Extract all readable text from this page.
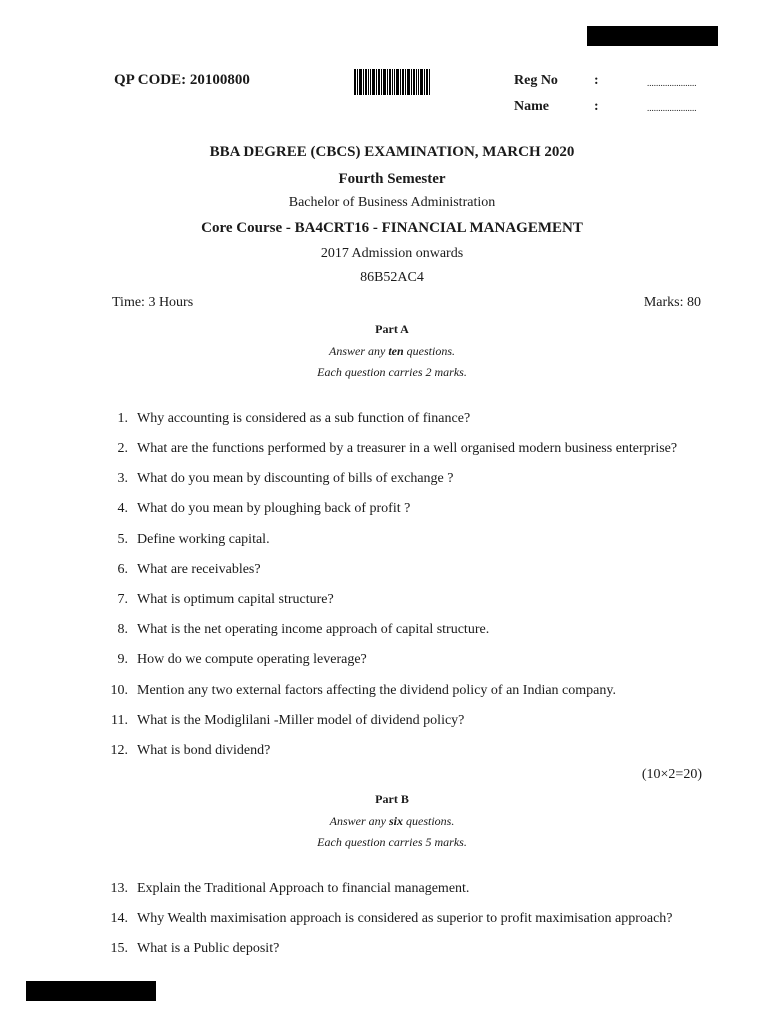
QP CODE: 20100800	Reg No	:	......................
Name	:	......................
BBA DEGREE (CBCS) EXAMINATION, MARCH 2020
Fourth Semester
Bachelor of Business Administration
Core Course - BA4CRT16 - FINANCIAL MANAGEMENT
2017 Admission onwards
86B52AC4
Time: 3 Hours	Marks: 80
Part A
Answer any ten questions.
Each question carries 2 marks.
1. Why accounting is considered as a sub function of finance?
2. What are the functions performed by a treasurer in a well organised modern business enterprise?
3. What do you mean by discounting of bills of exchange ?
4. What do you mean by ploughing back of profit ?
5. Define working capital.
6. What are receivables?
7. What is optimum capital structure?
8. What is the net operating income approach of capital structure.
9. How do we compute operating leverage?
10. Mention any two external factors affecting the dividend policy of an Indian company.
11. What is the Modiglilani -Miller model of dividend policy?
12. What is bond dividend?
(10×2=20)
Part B
Answer any six questions.
Each question carries 5 marks.
13. Explain the Traditional Approach to financial management.
14. Why Wealth maximisation approach is considered as superior to profit maximisation approach?
15. What is a Public deposit?
